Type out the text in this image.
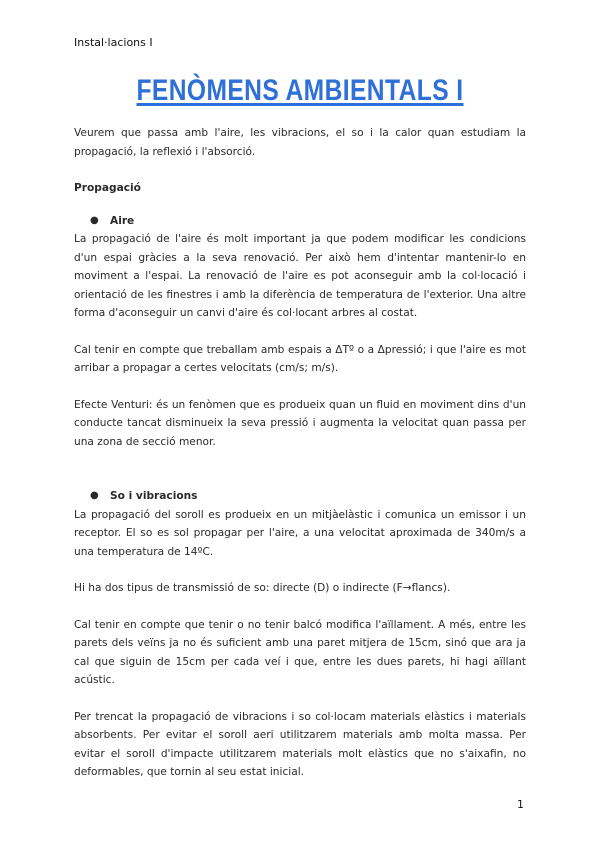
Instal·lacions I
FENÒMENS AMBIENTALS I

Veurem que passa amb l'aire, les vibracions, el so i la calor quan estudiam la propagació, la reflexió i l'absorció.

Propagació

●	Aire

La propagació de l'aire és molt important ja que podem modificar les condicions d'un espai gràcies a la seva renovació. Per això hem d'intentar mantenir-lo en moviment a l'espai. La renovació de l'aire es pot aconseguir amb la col·locació i orientació de les finestres i amb la diferència de temperatura de l'exterior. Una altre forma d'aconseguir un canvi d'aire és col·locant arbres al costat.

Cal tenir en compte que treballam amb espais a ΔTº o a Δpressió; i que l'aire es mot arribar a propagar a certes velocitats (cm/s; m/s).

Efecte Venturi: és un fenòmen que es produeix quan un fluid en moviment dins d'un conducte tancat disminueix la seva pressió i augmenta la velocitat quan passa per una zona de secció menor.

●	So i vibracions

La propagació del soroll es produeix en un mitjàelàstic i comunica un emissor i un receptor. El so es sol propagar per l'aire, a una velocitat aproximada de 340m/s a una temperatura de 14ºC.

Hi ha dos tipus de transmissió de so: directe (D) o indirecte (F→flancs).

Cal tenir en compte que tenir o no tenir balcó modifica l'aïllament. A més, entre les parets dels veïns ja no és suficient amb una paret mitjera de 15cm, sinó que ara ja cal que siguin de 15cm per cada veí i que, entre les dues parets, hi hagi aïllant acústic.

Per trencat la propagació de vibracions i so col·locam materials elàstics i materials absorbents. Per evitar el soroll aeri utilitzarem materials amb molta massa. Per evitar el soroll d'impacte utilitzarem materials molt elàstics que no s'aixafin, no deformables, que tornin al seu estat inicial.

1
